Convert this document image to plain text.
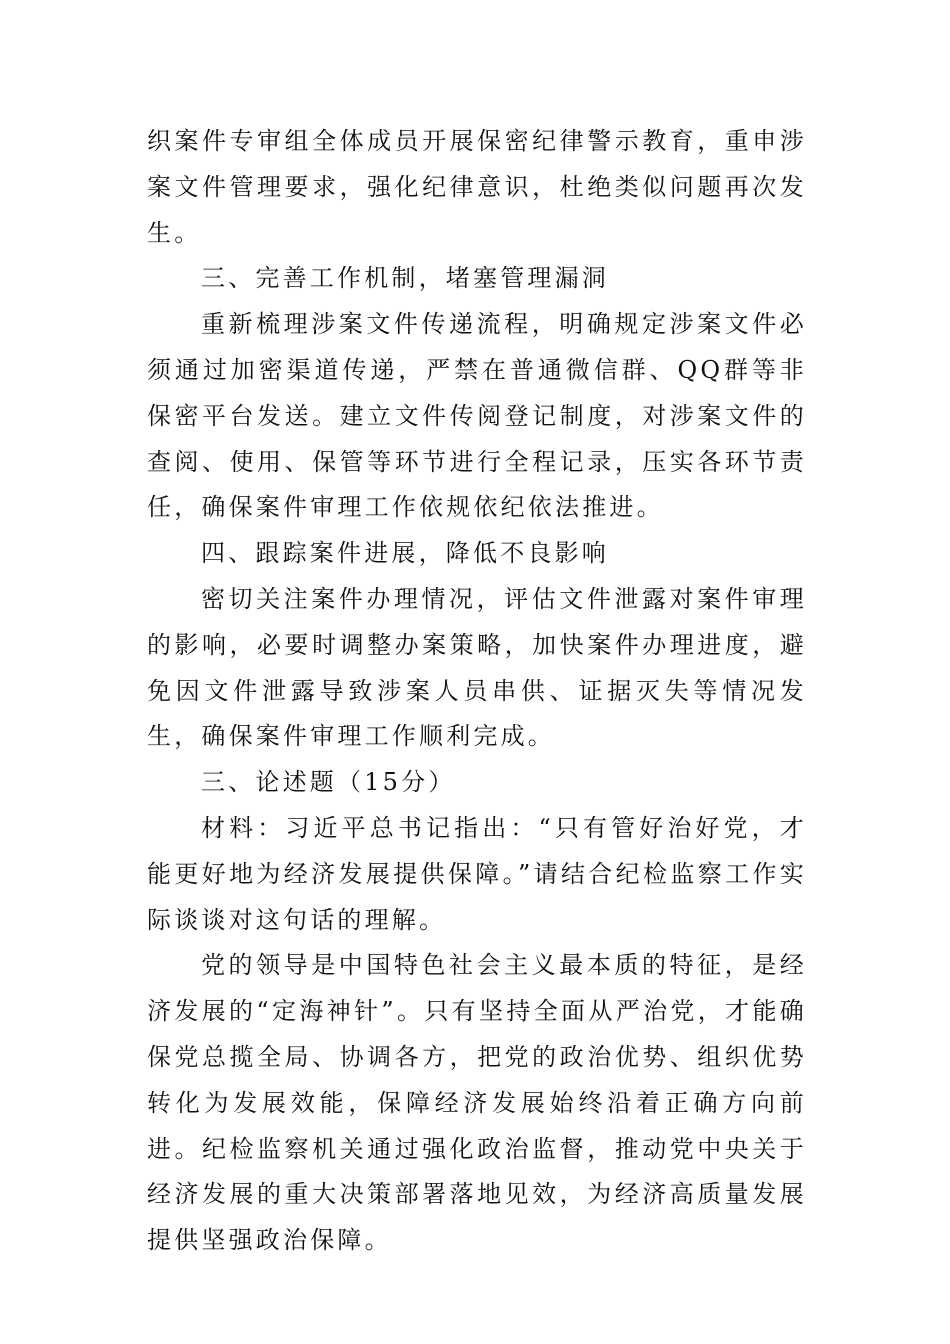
织案件专审组全体成员开展保密纪律警示教育，重申涉案文件管理要求，强化纪律意识，杜绝类似问题再次发生。

三、完善工作机制，堵塞管理漏洞

重新梳理涉案文件传递流程，明确规定涉案文件必须通过加密渠道传递，严禁在普通微信群、QQ群等非保密平台发送。建立文件传阅登记制度，对涉案文件的查阅、使用、保管等环节进行全程记录，压实各环节责任，确保案件审理工作依规依纪依法推进。

四、跟踪案件进展，降低不良影响

密切关注案件办理情况，评估文件泄露对案件审理的影响，必要时调整办案策略，加快案件办理进度，避免因文件泄露导致涉案人员串供、证据灭失等情况发生，确保案件审理工作顺利完成。

三、论述题（15分）

材料：习近平总书记指出：“只有管好治好党，才能更好地为经济发展提供保障。”请结合纪检监察工作实际谈谈对这句话的理解。

党的领导是中国特色社会主义最本质的特征，是经济发展的“定海神针”。只有坚持全面从严治党，才能确保党总揽全局、协调各方，把党的政治优势、组织优势转化为发展效能，保障经济发展始终沿着正确方向前进。纪检监察机关通过强化政治监督，推动党中央关于经济发展的重大决策部署落地见效，为经济高质量发展提供坚强政治保障。
